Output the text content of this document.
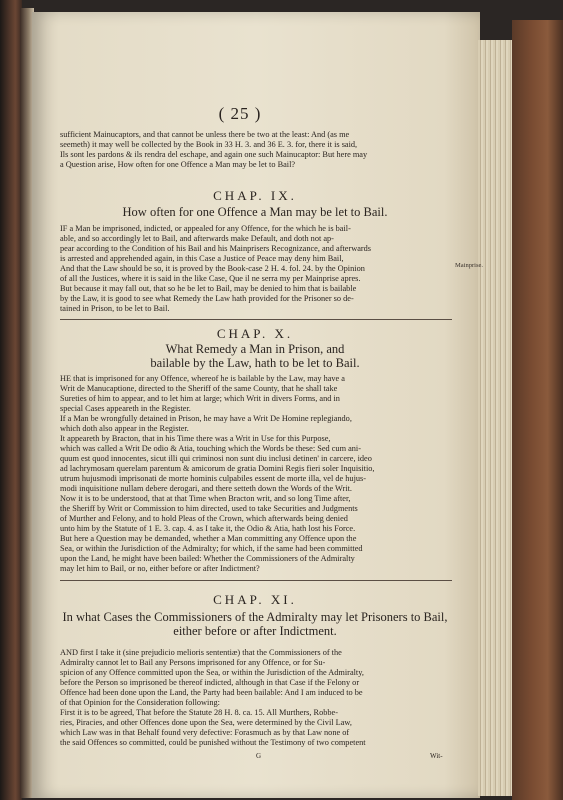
( 25 )
sufficient Mainucaptors, and that cannot be unless there be two at the least: And (as me
seemeth) it may well be collected by the Book in 33 H. 3. and 36 E. 3. for, there it is said,
Ils sont les pardons & ils rendra del eschape, and again one such Mainucaptor: But here may
a Question arise, How often for one Offence a Man may be let to Bail?
CHAP. IX.
How often for one Offence a Man may be let to Bail.
IF a Man be imprisoned, indicted, or appealed for any Offence, for the which he is bail-
able, and so accordingly let to Bail, and afterwards make Default, and doth not ap-
pear according to the Condition of his Bail and his Mainprisers Recognizance, and afterwards
is arrested and apprehended again, in this Case a Justice of Peace may deny him Bail,
And that the Law should be so, it is proved by the Book-case 2 H. 4. fol. 24. by the Opinion
of all the Justices, where it is said in the like Case, Que il ne serra my per Mainprise apres.
But because it may fall out, that so he be let to Bail, may be denied to him that is bailable
by the Law, it is good to see what Remedy the Law hath provided for the Prisoner so de-
tained in Prison, to be let to Bail.
Mainprise.
CHAP. X.
What Remedy a Man in Prison, and bailable by the Law, hath to be let to Bail.
HE that is imprisoned for any Offence, whereof he is bailable by the Law, may have a
Writ de Manucaptione, directed to the Sheriff of the same County, that he shall take
Sureties of him to appear, and to let him at large; which Writ in divers Forms, and in
special Cases appeareth in the Register.
If a Man be wrongfully detained in Prison, he may have a Writ De Homine replegiando,
which doth also appear in the Register.
It appeareth by Bracton, that in his Time there was a Writ in Use for this Purpose,
which was called a Writ De odio & Atia, touching which the Words be these: Sed cum ani-
quum est quod innocentes, sicut illi qui criminosi non sunt diu inclusi detinen' in carcere, ideo
ad lachrymosam querelam parentum & amicorum de gratia Domini Regis fieri soler Inquisitio,
utrum hujusmodi imprisonati de morte hominis culpabiles essent de morte illa, vel de hujus-
modi inquisitione nullam debere derogari, and there setteth down the Words of the Writ.
Now it is to be understood, that at that Time when Bracton writ, and so long Time after,
the Sheriff by Writ or Commission to him directed, used to take Securities and Judgments
of Murther and Felony, and to hold Pleas of the Crown, which afterwards being denied
unto him by the Statute of 1 E. 3. cap. 4. as I take it, the Odio & Atia, hath lost his Force.
But here a Question may be demanded, whether a Man committing any Offence upon the
Sea, or within the Jurisdiction of the Admiralty; for which, if the same had been committed
upon the Land, he might have been bailed: Whether the Commissioners of the Admiralty
may let him to Bail, or no, either before or after Indictment?
CHAP. XI.
In what Cases the Commissioners of the Admiralty may let Prisoners to Bail, either before or after Indictment.
AND first I take it (sine prejudicio melioris sententiæ) that the Commissioners of the
Admiralty cannot let to Bail any Persons imprisoned for any Offence, or for Su-
spicion of any Offence committed upon the Sea, or within the Jurisdiction of the Admiralty,
before the Person so imprisoned be thereof indicted, although in that Case if the Felony or
Offence had been done upon the Land, the Party had been bailable: And I am induced to be
of that Opinion for the Consideration following:
First it is to be agreed, That before the Statute 28 H. 8. ca. 15. All Murthers, Robbe-
ries, Piracies, and other Offences done upon the Sea, were determined by the Civil Law,
which Law was in that Behalf found very defective: Forasmuch as by that Law none of
the said Offences so committed, could be punished without the Testimony of two competent
G	Wit-
